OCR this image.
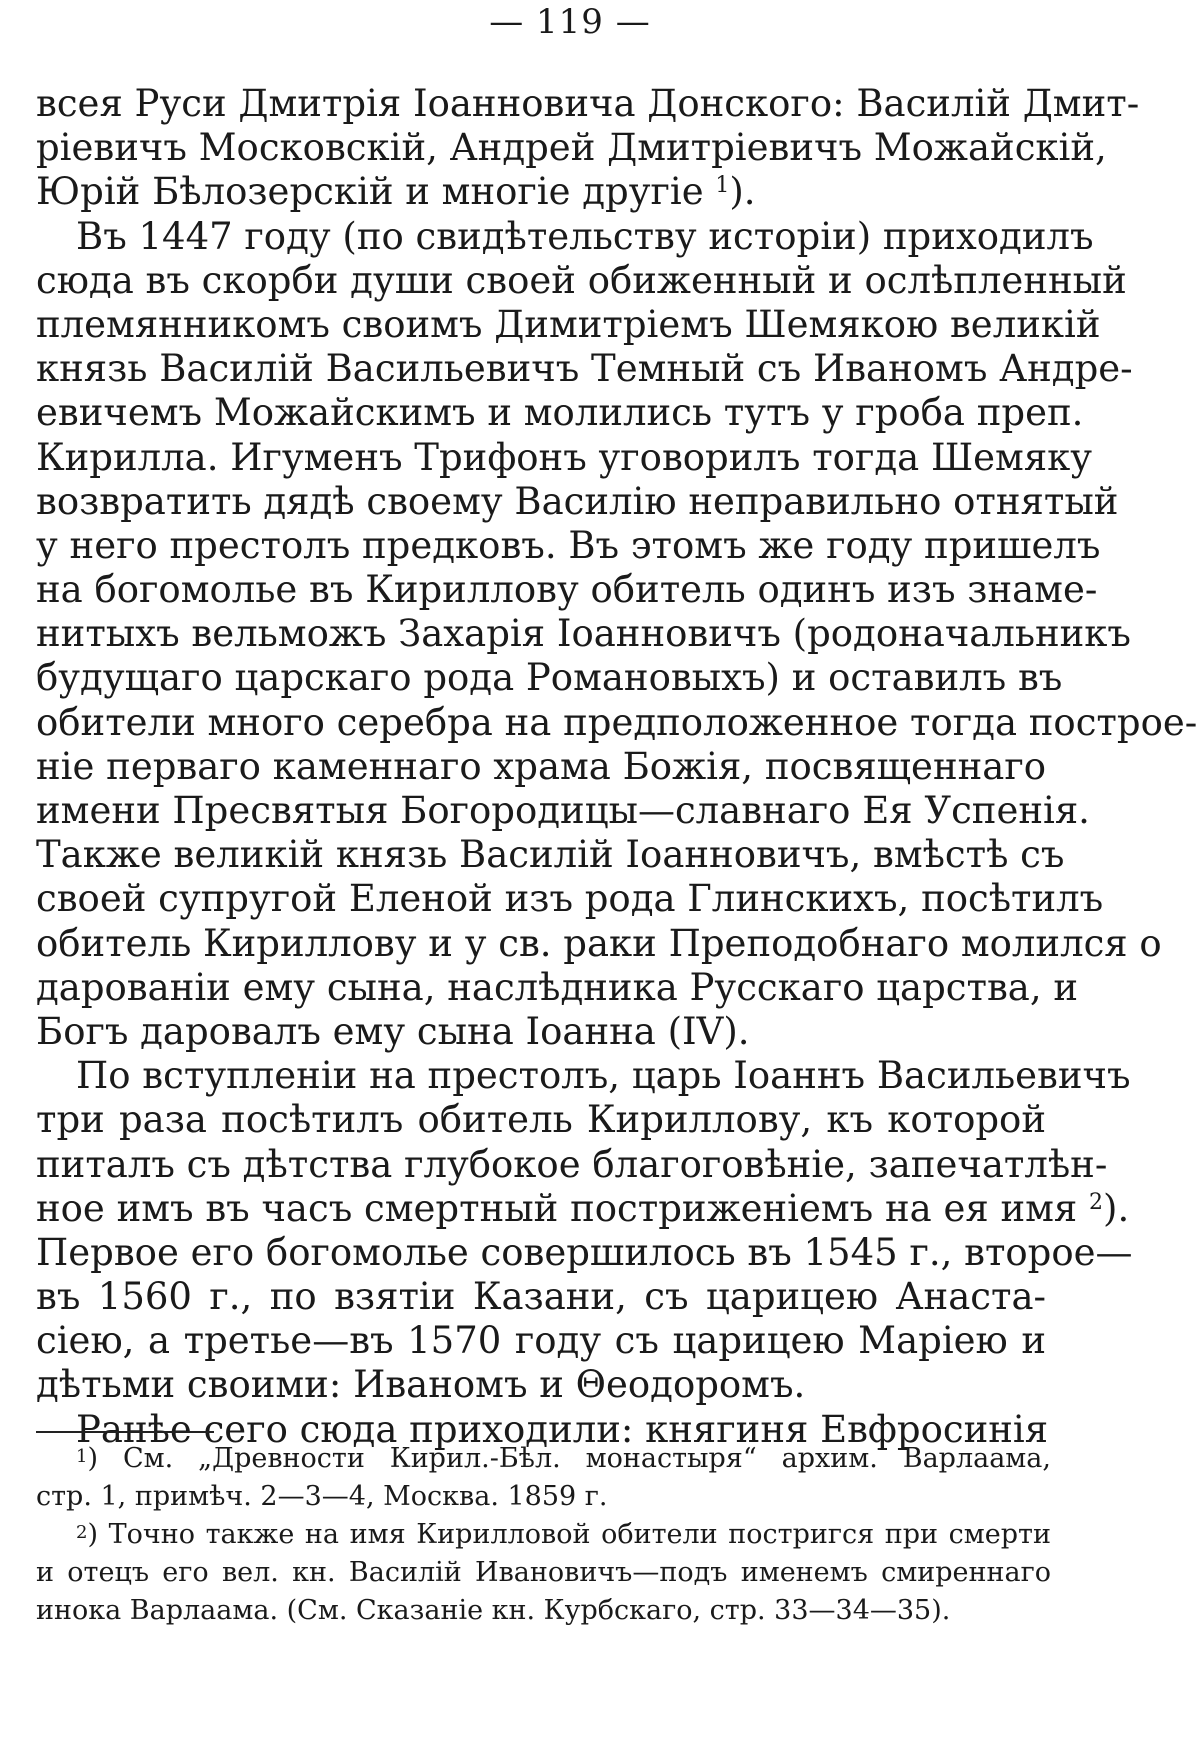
— 119 —
всея Руси Дмитрія Іоанновича Донского: Василій Дмит-
ріевичъ Московскій, Андрей Дмитріевичъ Можайскій,
Юрій Бѣлозерскій и многіе другіе $^1$).
Въ 1447 году (по свидѣтельству исторіи) приходилъ
сюда въ скорби души своей обиженный и ослѣпленный
племянникомъ своимъ Димитріемъ Шемякою великій
князь Василій Васильевичъ Темный съ Иваномъ Андре-
евичемъ Можайскимъ и молились тутъ у гроба преп.
Кирилла. Игуменъ Трифонъ уговорилъ тогда Шемяку
возвратить дядѣ своему Василію неправильно отнятый
у него престолъ предковъ. Въ этомъ же году пришелъ
на богомолье въ Кириллову обитель одинъ изъ знаме-
нитыхъ вельможъ Захарія Іоанновичъ (родоначальникъ
будущаго царскаго рода Романовыхъ) и оставилъ въ
обители много серебра на предположенное тогда построе-
ніе перваго каменнаго храма Божія, посвященнаго
имени Пресвятыя Богородицы—славнаго Ея Успенія.
Также великій князь Василій Іоанновичъ, вмѣстѣ съ
своей супругой Еленой изъ рода Глинскихъ, посѣтилъ
обитель Кириллову и у св. раки Преподобнаго молился о
дарованіи ему сына, наслѣдника Русскаго царства, и
Богъ даровалъ ему сына Іоанна (IV).
По вступленіи на престолъ, царь Іоаннъ Васильевичъ
три раза посѣтилъ обитель Кириллову, къ которой
питалъ съ дѣтства глубокое благоговѣніе, запечатлѣн-
ное имъ въ часъ смертный постриженіемъ на ея имя $^2$).
Первое его богомолье совершилось въ 1545 г., второе—
въ 1560 г., по взятіи Казани, съ царицею Анаста-
сіею, а третье—въ 1570 году съ царицею Маріею и
дѣтьми своими: Иваномъ и Θеодоромъ.
Ранѣе сего сюда приходили: княгиня Евфросинія
$^1$) См. „Древности Кирил.-Бѣл. монастыря“ архим. Варлаама,
стр. 1, примѣч. 2—3—4, Москва. 1859 г.
$^2$) Точно также на имя Кирилловой обители постригся при смерти
и отецъ его вел. кн. Василій Ивановичъ—подъ именемъ смиреннаго
инока Варлаама. (См. Сказаніе кн. Курбскаго, стр. 33—34—35).
